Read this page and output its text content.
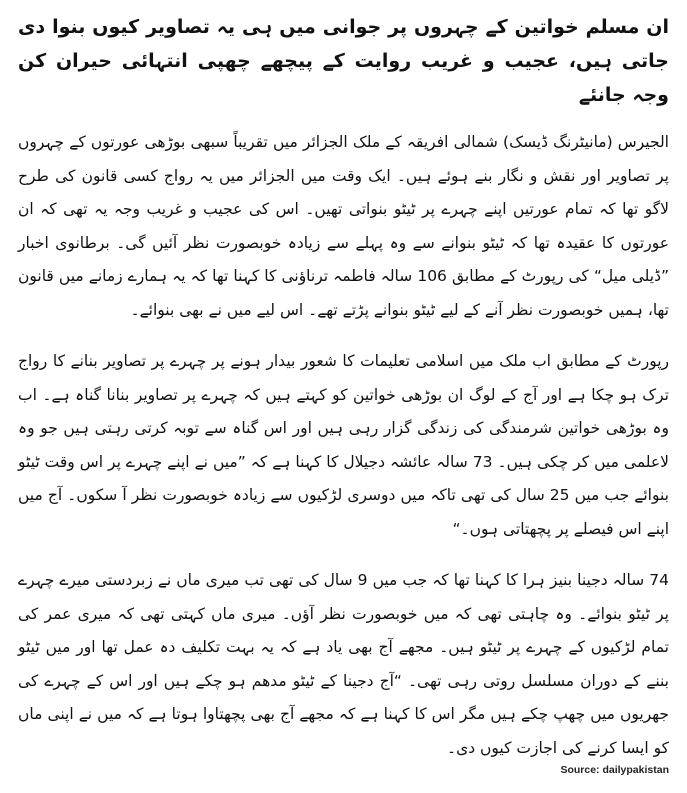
ان مسلم خواتین کے چہروں پر جوانی میں ہی یہ تصاویر کیوں بنوا دی جاتی ہیں، عجیب و غریب روایت کے پیچھے چھپی انتہائی حیران کن وجہ جانئے

الجیرس (مانیٹرنگ ڈیسک) شمالی افریقہ کے ملک الجزائر میں تقریباً سبھی بوڑھی عورتوں کے چہروں پر تصاویر اور نقش و نگار بنے ہوئے ہیں۔ ایک وقت میں الجزائر میں یہ رواج کسی قانون کی طرح لاگو تھا کہ تمام عورتیں اپنے چہرے پر ٹیٹو بنواتی تھیں۔ اس کی عجیب و غریب وجہ یہ تھی کہ ان عورتوں کا عقیدہ تھا کہ ٹیٹو بنوانے سے وہ پہلے سے زیادہ خوبصورت نظر آئیں گی۔ برطانوی اخبار ”ڈیلی میل“ کی رپورٹ کے مطابق 106 سالہ فاطمہ ترناؤنی کا کہنا تھا کہ یہ ہمارے زمانے میں قانون تھا، ہمیں خوبصورت نظر آنے کے لیے ٹیٹو بنوانے پڑتے تھے۔ اس لیے میں نے بھی بنوائے۔

رپورٹ کے مطابق اب ملک میں اسلامی تعلیمات کا شعور بیدار ہونے پر چہرے پر تصاویر بنانے کا رواج ترک ہو چکا ہے اور آج کے لوگ ان بوڑھی خواتین کو کہتے ہیں کہ چہرے پر تصاویر بنانا گناہ ہے۔ اب وہ بوڑھی خواتین شرمندگی کی زندگی گزار رہی ہیں اور اس گناہ سے توبہ کرتی رہتی ہیں جو وہ لاعلمی میں کر چکی ہیں۔ 73 سالہ عائشہ دجیلال کا کہنا ہے کہ ”میں نے اپنے چہرے پر اس وقت ٹیٹو بنوائے جب میں 25 سال کی تھی تاکہ میں دوسری لڑکیوں سے زیادہ خوبصورت نظر آ سکوں۔ آج میں اپنے اس فیصلے پر پچھتاتی ہوں۔“

74 سالہ دجینا بنیز ہرا کا کہنا تھا کہ جب میں 9 سال کی تھی تب میری ماں نے زبردستی میرے چہرے پر ٹیٹو بنوائے۔ وہ چاہتی تھی کہ میں خوبصورت نظر آؤں۔ میری ماں کہتی تھی کہ میری عمر کی تمام لڑکیوں کے چہرے پر ٹیٹو ہیں۔ مجھے آج بھی یاد ہے کہ یہ بہت تکلیف دہ عمل تھا اور میں ٹیٹو بننے کے دوران مسلسل روتی رہی تھی۔ “آج دجینا کے ٹیٹو مدھم ہو چکے ہیں اور اس کے چہرے کی جھریوں میں چھپ چکے ہیں مگر اس کا کہنا ہے کہ مجھے آج بھی پچھتاوا ہوتا ہے کہ میں نے اپنی ماں کو ایسا کرنے کی اجازت کیوں دی۔

Source: dailypakistan
